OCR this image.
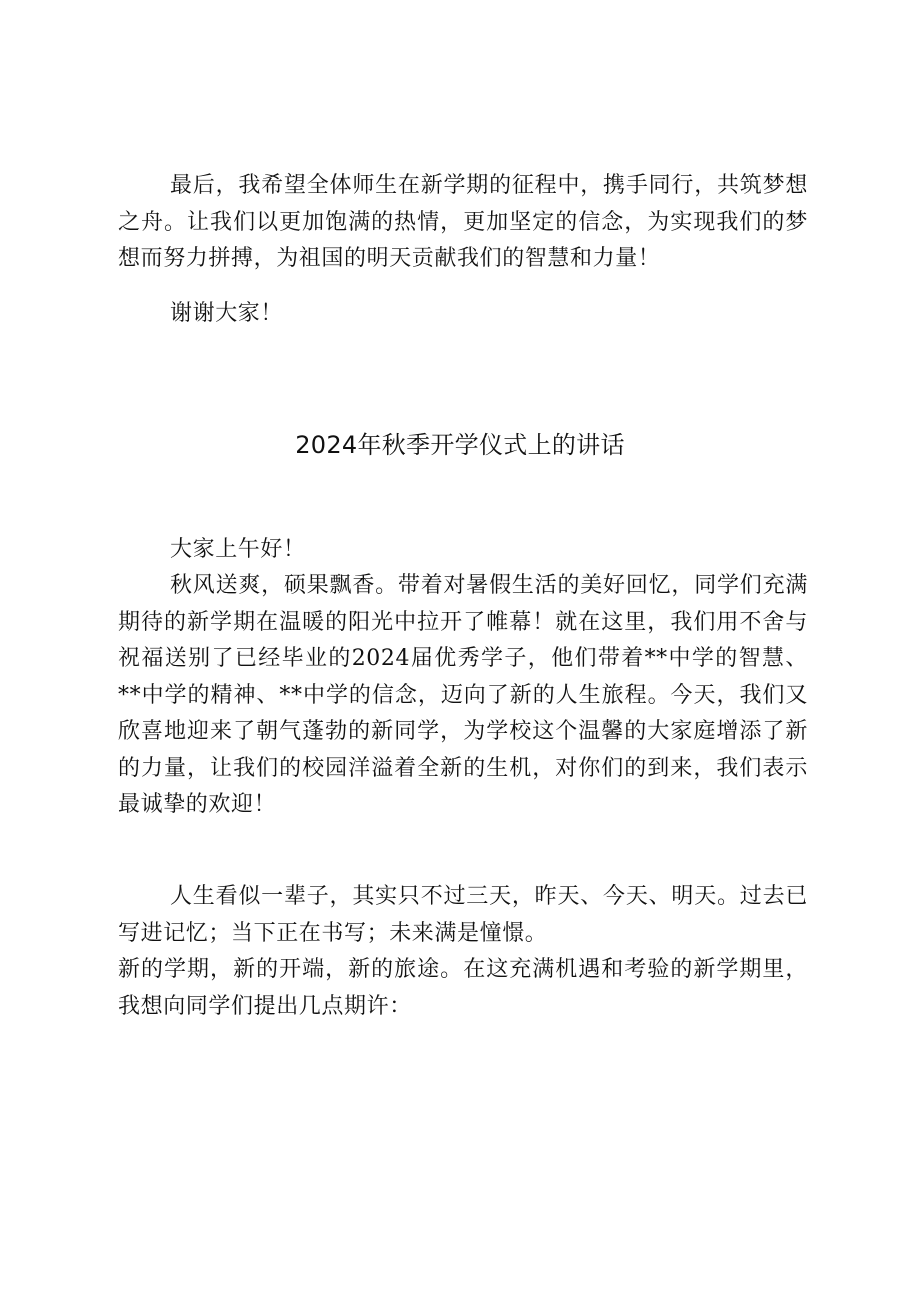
最后，我希望全体师生在新学期的征程中，携手同行，共筑梦想之舟。让我们以更加饱满的热情，更加坚定的信念，为实现我们的梦想而努力拼搏，为祖国的明天贡献我们的智慧和力量！

谢谢大家！

2024年秋季开学仪式上的讲话

大家上午好！

秋风送爽，硕果飘香。带着对暑假生活的美好回忆，同学们充满期待的新学期在温暖的阳光中拉开了帷幕！就在这里，我们用不舍与祝福送别了已经毕业的2024届优秀学子，他们带着**中学的智慧、**中学的精神、**中学的信念，迈向了新的人生旅程。今天，我们又欣喜地迎来了朝气蓬勃的新同学，为学校这个温馨的大家庭增添了新的力量，让我们的校园洋溢着全新的生机，对你们的到来，我们表示最诚挚的欢迎！

人生看似一辈子，其实只不过三天，昨天、今天、明天。过去已写进记忆；当下正在书写；未来满是憧憬。

新的学期，新的开端，新的旅途。在这充满机遇和考验的新学期里，我想向同学们提出几点期许：
